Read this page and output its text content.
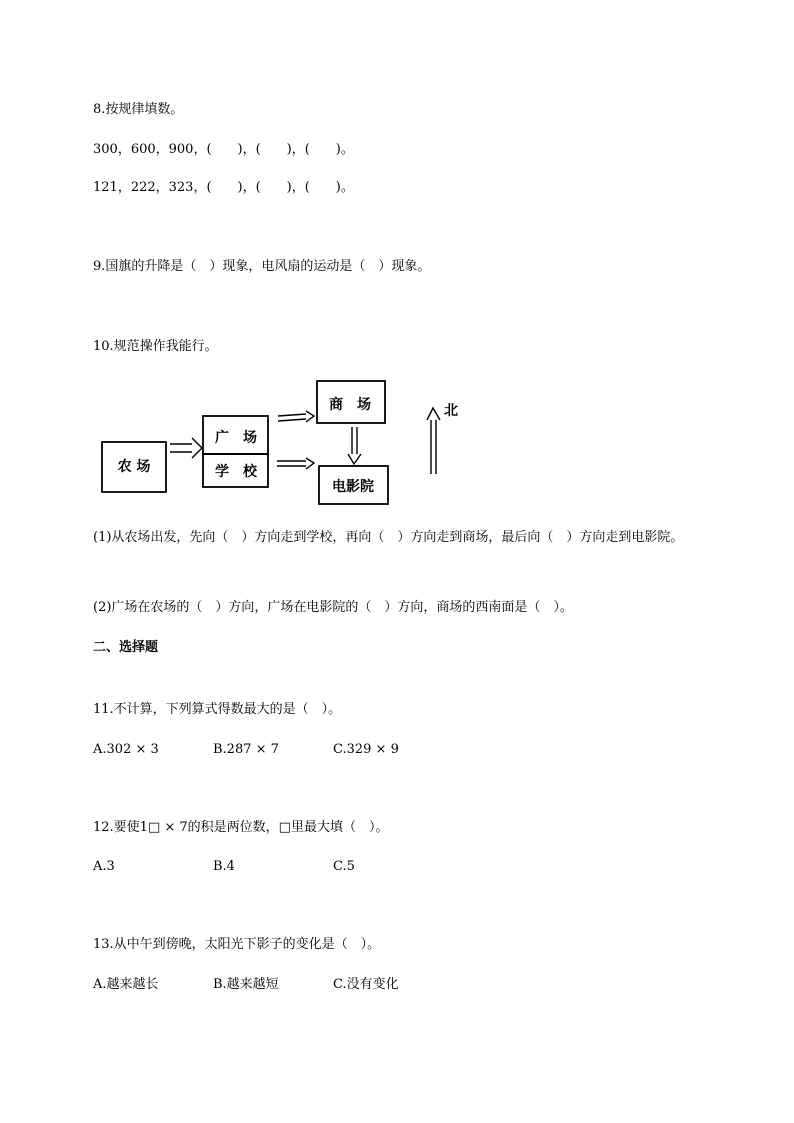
8.按规律填数。
300，600，900，(　　)，(　　)，(　　)。
121，222，323，(　　)，(　　)，(　　)。
9.国旗的升降是（　）现象，电风扇的运动是（　）现象。
10.规范操作我能行。
农 场
广　场
学　校
商　场
电影院
北
(1)从农场出发，先向（　）方向走到学校，再向（　）方向走到商场，最后向（　）方向走到电影院。
(2)广场在农场的（　）方向，广场在电影院的（　）方向，商场的西南面是（　）。
二、选择题
11.不计算，下列算式得数最大的是（　）。
A.302 × 3	B.287 × 7	C.329 × 9
12.要使1□ × 7的积是两位数，□里最大填（　）。
A.3	B.4	C.5
13.从中午到傍晚，太阳光下影子的变化是（　）。
A.越来越长	B.越来越短	C.没有变化
